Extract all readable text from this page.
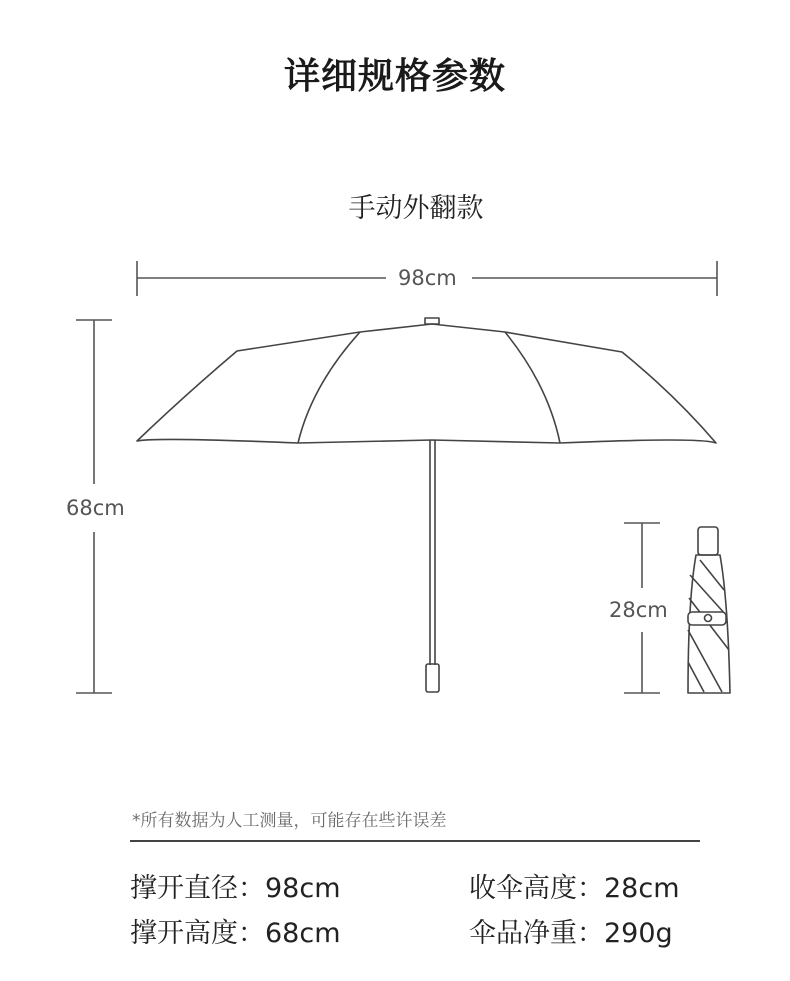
详细规格参数
手动外翻款
98cm
68cm
28cm
*所有数据为人工测量，可能存在些许误差
撑开直径：98cm
撑开高度：68cm
收伞高度：28cm
伞品净重：290g
